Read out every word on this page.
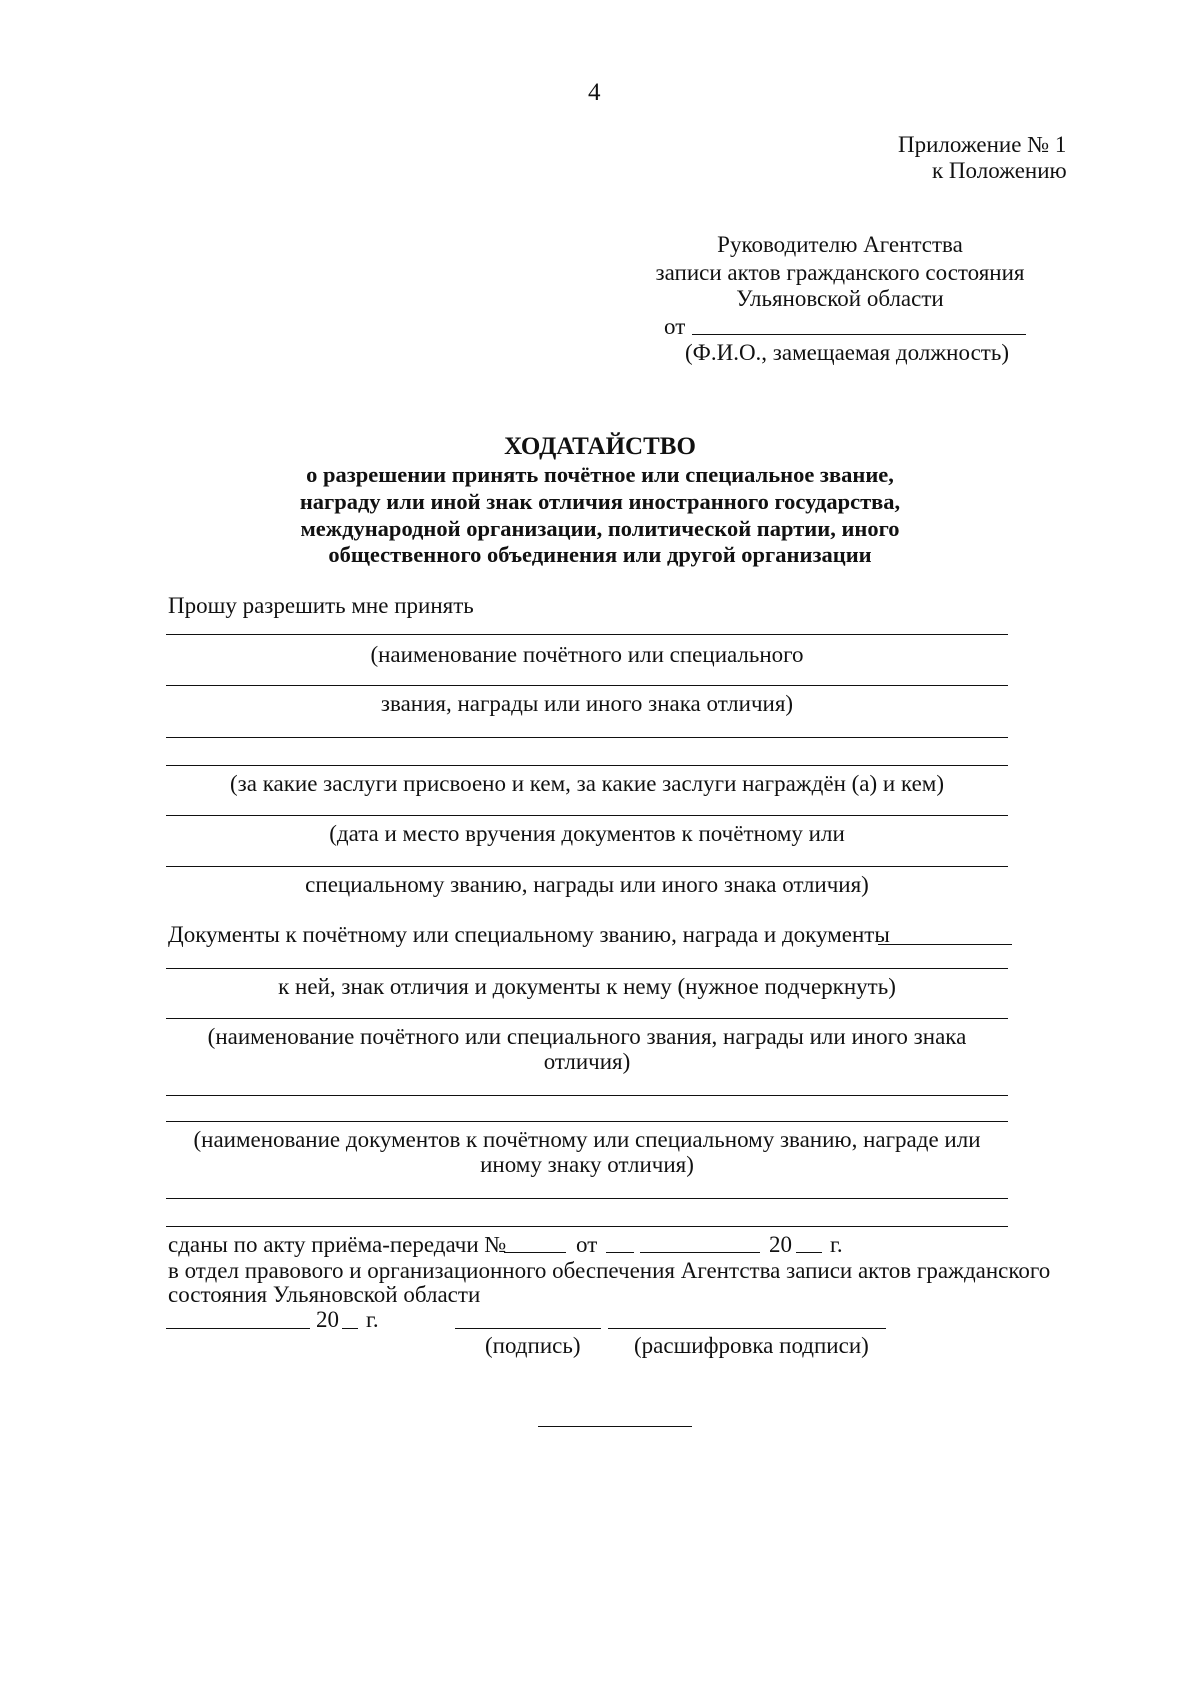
4
Приложение № 1
к Положению
Руководителю Агентства
записи актов гражданского состояния
Ульяновской области
от
(Ф.И.О., замещаемая должность)
ХОДАТАЙСТВО
о разрешении принять почётное или специальное звание,
награду или иной знак отличия иностранного государства,
международной организации, политической партии, иного
общественного объединения или другой организации
Прошу разрешить мне принять
(наименование почётного или специального
звания, награды или иного знака отличия)
(за какие заслуги присвоено и кем, за какие заслуги награждён (а) и кем)
(дата и место вручения документов к почётному или
специальному званию, награды или иного знака отличия)
Документы к почётному или специальному званию, награда и документы
к ней, знак отличия и документы к нему (нужное подчеркнуть)
(наименование почётного или специального звания, награды или иного знака
отличия)
(наименование документов к почётному или специальному званию, награде или
иному знаку отличия)
сданы по акту приёма-передачи №	от	20 г.
в отдел правового и организационного обеспечения Агентства записи актов гражданского
состояния Ульяновской области
20 г.
(подпись) (расшифровка подписи)
